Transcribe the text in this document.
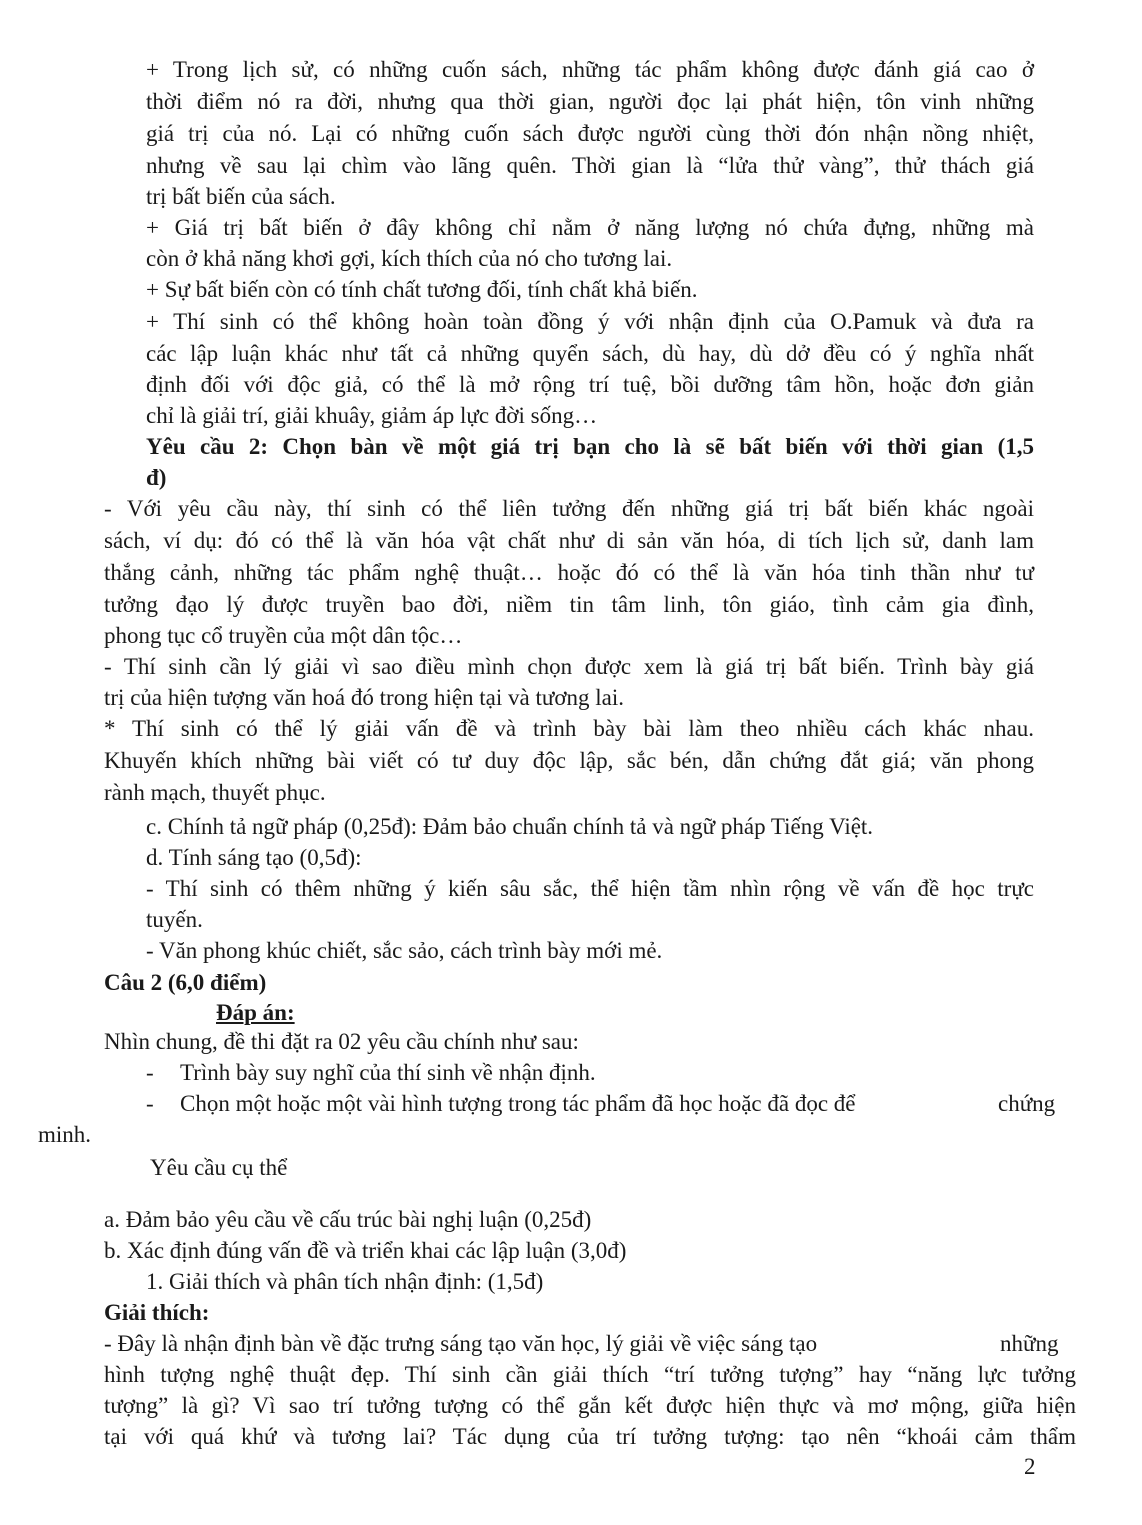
+ Trong lịch sử, có những cuốn sách, những tác phẩm không được đánh giá cao ở
thời điểm nó ra đời, nhưng qua thời gian, người đọc lại phát hiện, tôn vinh những
giá trị của nó. Lại có những cuốn sách được người cùng thời đón nhận nồng nhiệt,
nhưng về sau lại chìm vào lãng quên. Thời gian là “lửa thử vàng”, thử thách giá
trị bất biến của sách.
+ Giá trị bất biến ở đây không chỉ nằm ở năng lượng nó chứa đựng, những mà
còn ở khả năng khơi gợi, kích thích của nó cho tương lai.
+ Sự bất biến còn có tính chất tương đối, tính chất khả biến.
+ Thí sinh có thể không hoàn toàn đồng ý với nhận định của O.Pamuk và đưa ra
các lập luận khác như tất cả những quyển sách, dù hay, dù dở đều có ý nghĩa nhất
định đối với độc giả, có thể là mở rộng trí tuệ, bồi dưỡng tâm hồn, hoặc đơn giản
chỉ là giải trí, giải khuây, giảm áp lực đời sống…
Yêu cầu 2: Chọn bàn về một giá trị bạn cho là sẽ bất biến với thời gian (1,5
đ)
- Với yêu cầu này, thí sinh có thể liên tưởng đến những giá trị bất biến khác ngoài
sách, ví dụ: đó có thể là văn hóa vật chất như di sản văn hóa, di tích lịch sử, danh lam
thắng cảnh, những tác phẩm nghệ thuật… hoặc đó có thể là văn hóa tinh thần như tư
tưởng đạo lý được truyền bao đời, niềm tin tâm linh, tôn giáo, tình cảm gia đình,
phong tục cổ truyền của một dân tộc…
- Thí sinh cần lý giải vì sao điều mình chọn được xem là giá trị bất biến. Trình bày giá
trị của hiện tượng văn hoá đó trong hiện tại và tương lai.
* Thí sinh có thể lý giải vấn đề và trình bày bài làm theo nhiều cách khác nhau.
Khuyến khích những bài viết có tư duy độc lập, sắc bén, dẫn chứng đắt giá; văn phong
rành mạch, thuyết phục.
c. Chính tả ngữ pháp (0,25đ): Đảm bảo chuẩn chính tả và ngữ pháp Tiếng Việt.
d. Tính sáng tạo (0,5đ):
- Thí sinh có thêm những ý kiến sâu sắc, thể hiện tầm nhìn rộng về vấn đề học trực
tuyến.
- Văn phong khúc chiết, sắc sảo, cách trình bày mới mẻ.
Câu 2 (6,0 điểm)
Đáp án:
Nhìn chung, đề thi đặt ra 02 yêu cầu chính như sau:
- Trình bày suy nghĩ của thí sinh về nhận định.
- Chọn một hoặc một vài hình tượng trong tác phẩm đã học hoặc đã đọc để	chứng
minh.
Yêu cầu cụ thể
a. Đảm bảo yêu cầu về cấu trúc bài nghị luận (0,25đ)
b. Xác định đúng vấn đề và triển khai các lập luận (3,0đ)
1. Giải thích và phân tích nhận định: (1,5đ)
Giải thích:
- Đây là nhận định bàn về đặc trưng sáng tạo văn học, lý giải về việc sáng tạo	những
hình tượng nghệ thuật đẹp. Thí sinh cần giải thích “trí tưởng tượng” hay “năng lực tưởng
tượng” là gì? Vì sao trí tưởng tượng có thể gắn kết được hiện thực và mơ mộng, giữa hiện
tại với quá khứ và tương lai? Tác dụng của trí tưởng tượng: tạo nên “khoái cảm thẩm
2
